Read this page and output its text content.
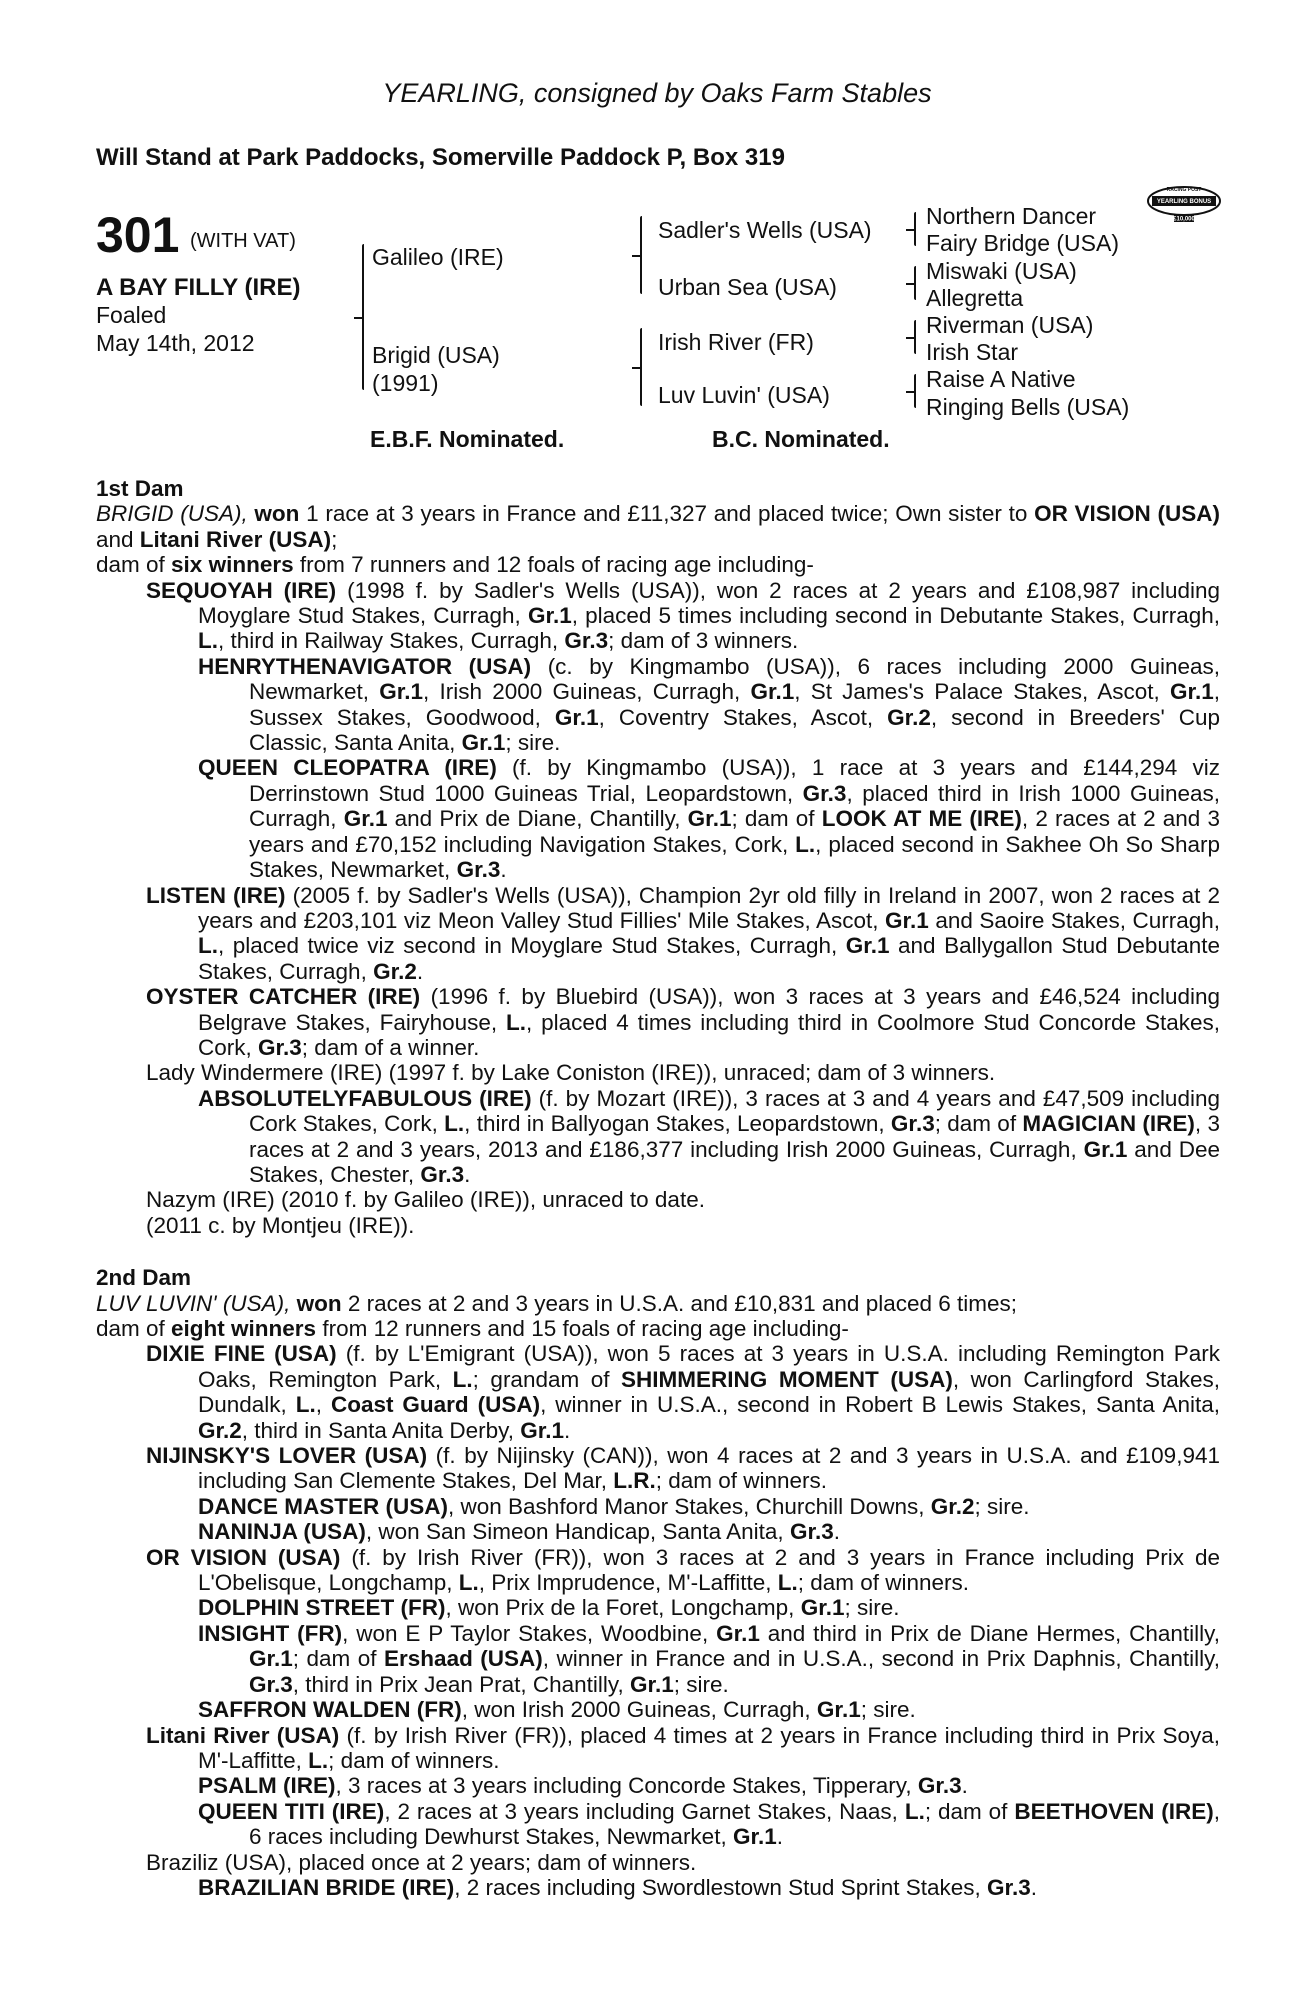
YEARLING, consigned by Oaks Farm Stables
Will Stand at Park Paddocks, Somerville Paddock P, Box 319
RACING POST
YEARLING BONUS
£10,000
301 (WITH VAT)
A BAY FILLY (IRE)
Foaled
May 14th, 2012
Galileo (IRE)
Brigid (USA)
(1991)
Sadler's Wells (USA)
Urban Sea (USA)
Irish River (FR)
Luv Luvin' (USA)
Northern Dancer
Fairy Bridge (USA)
Miswaki (USA)
Allegretta
Riverman (USA)
Irish Star
Raise A Native
Ringing Bells (USA)
E.B.F. Nominated.	B.C. Nominated.
1st Dam

BRIGID (USA), won 1 race at 3 years in France and £11,327 and placed twice; Own sister to OR VISION (USA) and Litani River (USA);

dam of six winners from 7 runners and 12 foals of racing age including-

SEQUOYAH (IRE) (1998 f. by Sadler's Wells (USA)), won 2 races at 2 years and £108,987 including Moyglare Stud Stakes, Curragh, Gr.1, placed 5 times including second in Debutante Stakes, Curragh, L., third in Railway Stakes, Curragh, Gr.3; dam of 3 winners.

HENRYTHENAVIGATOR (USA) (c. by Kingmambo (USA)), 6 races including 2000 Guineas, Newmarket, Gr.1, Irish 2000 Guineas, Curragh, Gr.1, St James's Palace Stakes, Ascot, Gr.1, Sussex Stakes, Goodwood, Gr.1, Coventry Stakes, Ascot, Gr.2, second in Breeders' Cup Classic, Santa Anita, Gr.1; sire.

QUEEN CLEOPATRA (IRE) (f. by Kingmambo (USA)), 1 race at 3 years and £144,294 viz Derrinstown Stud 1000 Guineas Trial, Leopardstown, Gr.3, placed third in Irish 1000 Guineas, Curragh, Gr.1 and Prix de Diane, Chantilly, Gr.1; dam of LOOK AT ME (IRE), 2 races at 2 and 3 years and £70,152 including Navigation Stakes, Cork, L., placed second in Sakhee Oh So Sharp Stakes, Newmarket, Gr.3.

LISTEN (IRE) (2005 f. by Sadler's Wells (USA)), Champion 2yr old filly in Ireland in 2007, won 2 races at 2 years and £203,101 viz Meon Valley Stud Fillies' Mile Stakes, Ascot, Gr.1 and Saoire Stakes, Curragh, L., placed twice viz second in Moyglare Stud Stakes, Curragh, Gr.1 and Ballygallon Stud Debutante Stakes, Curragh, Gr.2.

OYSTER CATCHER (IRE) (1996 f. by Bluebird (USA)), won 3 races at 3 years and £46,524 including Belgrave Stakes, Fairyhouse, L., placed 4 times including third in Coolmore Stud Concorde Stakes, Cork, Gr.3; dam of a winner.

Lady Windermere (IRE) (1997 f. by Lake Coniston (IRE)), unraced; dam of 3 winners.

ABSOLUTELYFABULOUS (IRE) (f. by Mozart (IRE)), 3 races at 3 and 4 years and £47,509 including Cork Stakes, Cork, L., third in Ballyogan Stakes, Leopardstown, Gr.3; dam of MAGICIAN (IRE), 3 races at 2 and 3 years, 2013 and £186,377 including Irish 2000 Guineas, Curragh, Gr.1 and Dee Stakes, Chester, Gr.3.

Nazym (IRE) (2010 f. by Galileo (IRE)), unraced to date.

(2011 c. by Montjeu (IRE)).

2nd Dam

LUV LUVIN' (USA), won 2 races at 2 and 3 years in U.S.A. and £10,831 and placed 6 times;

dam of eight winners from 12 runners and 15 foals of racing age including-

DIXIE FINE (USA) (f. by L'Emigrant (USA)), won 5 races at 3 years in U.S.A. including Remington Park Oaks, Remington Park, L.; grandam of SHIMMERING MOMENT (USA), won Carlingford Stakes, Dundalk, L., Coast Guard (USA), winner in U.S.A., second in Robert B Lewis Stakes, Santa Anita, Gr.2, third in Santa Anita Derby, Gr.1.

NIJINSKY'S LOVER (USA) (f. by Nijinsky (CAN)), won 4 races at 2 and 3 years in U.S.A. and £109,941 including San Clemente Stakes, Del Mar, L.R.; dam of winners.

DANCE MASTER (USA), won Bashford Manor Stakes, Churchill Downs, Gr.2; sire.

NANINJA (USA), won San Simeon Handicap, Santa Anita, Gr.3.

OR VISION (USA) (f. by Irish River (FR)), won 3 races at 2 and 3 years in France including Prix de L'Obelisque, Longchamp, L., Prix Imprudence, M'-Laffitte, L.; dam of winners.

DOLPHIN STREET (FR), won Prix de la Foret, Longchamp, Gr.1; sire.

INSIGHT (FR), won E P Taylor Stakes, Woodbine, Gr.1 and third in Prix de Diane Hermes, Chantilly, Gr.1; dam of Ershaad (USA), winner in France and in U.S.A., second in Prix Daphnis, Chantilly, Gr.3, third in Prix Jean Prat, Chantilly, Gr.1; sire.

SAFFRON WALDEN (FR), won Irish 2000 Guineas, Curragh, Gr.1; sire.

Litani River (USA) (f. by Irish River (FR)), placed 4 times at 2 years in France including third in Prix Soya, M'-Laffitte, L.; dam of winners.

PSALM (IRE), 3 races at 3 years including Concorde Stakes, Tipperary, Gr.3.

QUEEN TITI (IRE), 2 races at 3 years including Garnet Stakes, Naas, L.; dam of BEETHOVEN (IRE), 6 races including Dewhurst Stakes, Newmarket, Gr.1.

Braziliz (USA), placed once at 2 years; dam of winners.

BRAZILIAN BRIDE (IRE), 2 races including Swordlestown Stud Sprint Stakes, Gr.3.
